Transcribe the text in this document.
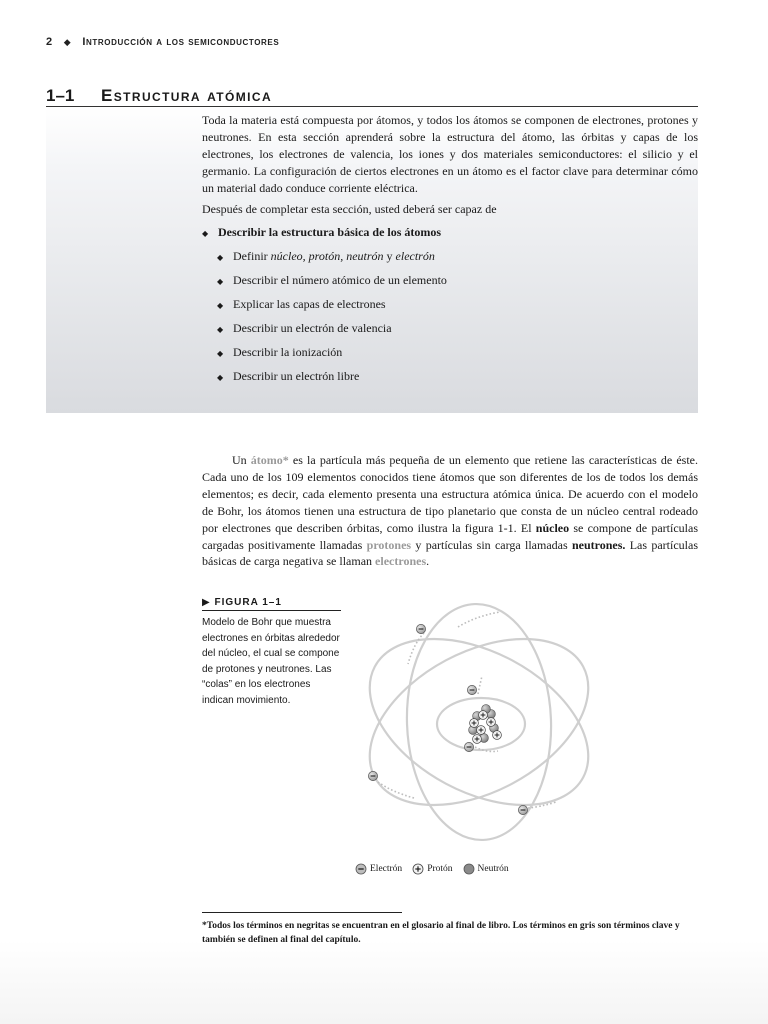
2 ◆ Introducción a los semiconductores
1–1 Estructura atómica

Toda la materia está compuesta por átomos, y todos los átomos se componen de electrones, protones y neutrones. En esta sección aprenderá sobre la estructura del átomo, las órbitas y capas de los electrones, los electrones de valencia, los iones y dos materiales semiconductores: el silicio y el germanio. La configuración de ciertos electrones en un átomo es el factor clave para determinar cómo un material dado conduce corriente eléctrica.

Después de completar esta sección, usted deberá ser capaz de
◆ Describir la estructura básica de los átomos
◆ Definir núcleo, protón, neutrón y electrón
◆ Describir el número atómico de un elemento
◆ Explicar las capas de electrones
◆ Describir un electrón de valencia
◆ Describir la ionización
◆ Describir un electrón libre

Un átomo* es la partícula más pequeña de un elemento que retiene las características de éste. Cada uno de los 109 elementos conocidos tiene átomos que son diferentes de los de todos los demás elementos; es decir, cada elemento presenta una estructura atómica única. De acuerdo con el modelo de Bohr, los átomos tienen una estructura de tipo planetario que consta de un núcleo central rodeado por electrones que describen órbitas, como ilustra la figura 1-1. El núcleo se compone de partículas cargadas positivamente llamadas protones y partículas sin carga llamadas neutrones. Las partículas básicas de carga negativa se llaman electrones.

▶ FIGURA 1–1
Modelo de Bohr que muestra electrones en órbitas alrededor del núcleo, el cual se compone de protones y neutrones. Las “colas” en los electrones indican movimiento.
Electrón	Protón	Neutrón

*Todos los términos en negritas se encuentran en el glosario al final de libro. Los términos en gris son términos clave y también se definen al final del capítulo.
